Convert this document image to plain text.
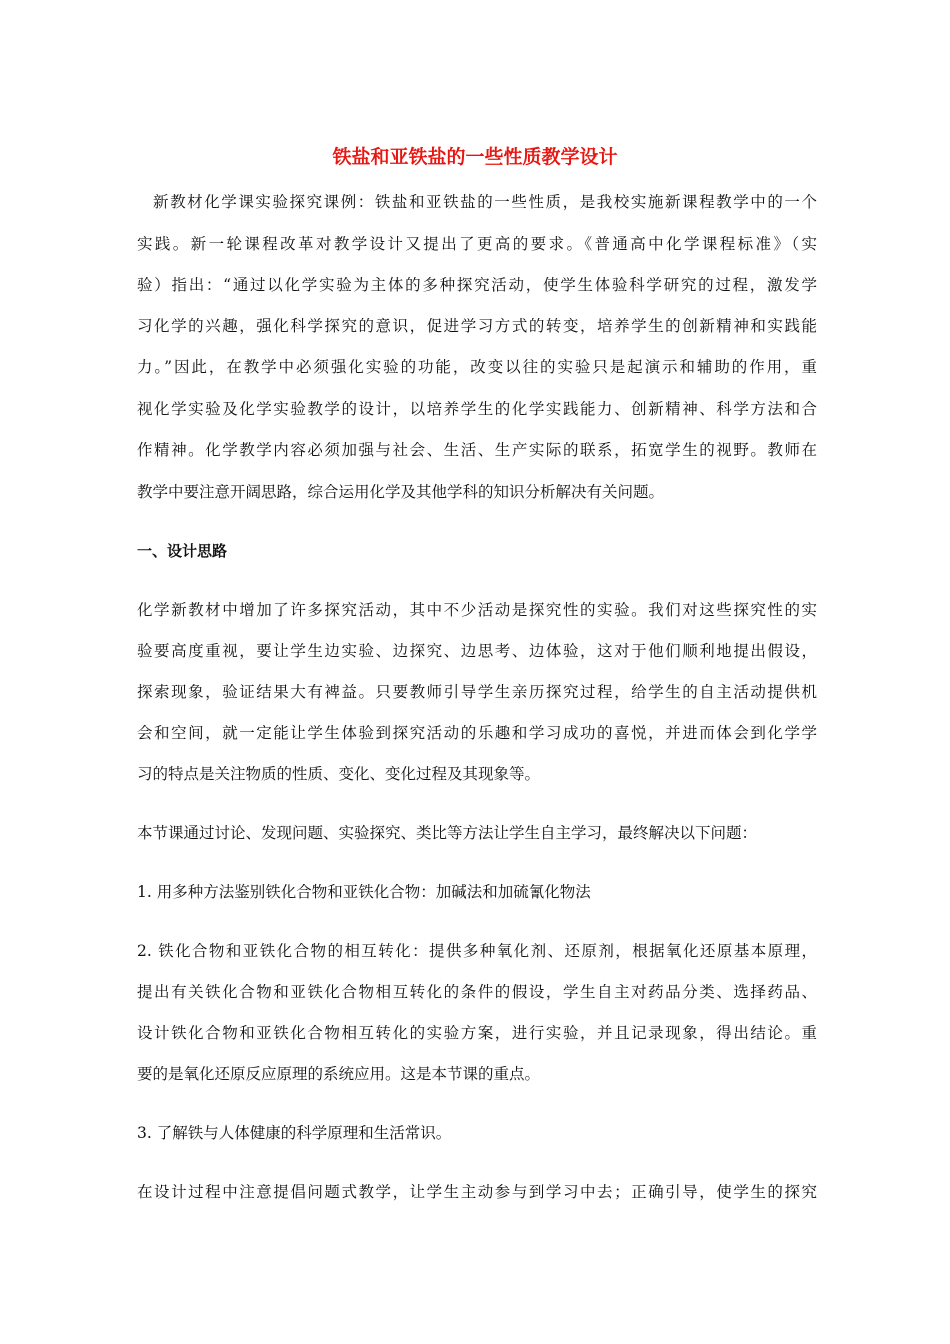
铁盐和亚铁盐的一些性质教学设计
新教材化学课实验探究课例：铁盐和亚铁盐的一些性质，是我校实施新课程教学中的一个
实践。新一轮课程改革对教学设计又提出了更高的要求。《普通高中化学课程标准》（实
验）指出：“通过以化学实验为主体的多种探究活动，使学生体验科学研究的过程，激发学
习化学的兴趣，强化科学探究的意识，促进学习方式的转变，培养学生的创新精神和实践能
力。”因此，在教学中必须强化实验的功能，改变以往的实验只是起演示和辅助的作用，重
视化学实验及化学实验教学的设计，以培养学生的化学实践能力、创新精神、科学方法和合
作精神。化学教学内容必须加强与社会、生活、生产实际的联系，拓宽学生的视野。教师在
教学中要注意开阔思路，综合运用化学及其他学科的知识分析解决有关问题。
一、设计思路
化学新教材中增加了许多探究活动，其中不少活动是探究性的实验。我们对这些探究性的实
验要高度重视，要让学生边实验、边探究、边思考、边体验，这对于他们顺利地提出假设，
探索现象，验证结果大有裨益。只要教师引导学生亲历探究过程，给学生的自主活动提供机
会和空间，就一定能让学生体验到探究活动的乐趣和学习成功的喜悦，并进而体会到化学学
习的特点是关注物质的性质、变化、变化过程及其现象等。
本节课通过讨论、发现问题、实验探究、类比等方法让学生自主学习，最终解决以下问题：
1. 用多种方法鉴别铁化合物和亚铁化合物：加碱法和加硫氰化物法
2. 铁化合物和亚铁化合物的相互转化：提供多种氧化剂、还原剂，根据氧化还原基本原理，
提出有关铁化合物和亚铁化合物相互转化的条件的假设，学生自主对药品分类、选择药品、
设计铁化合物和亚铁化合物相互转化的实验方案，进行实验，并且记录现象，得出结论。重
要的是氧化还原反应原理的系统应用。这是本节课的重点。
3. 了解铁与人体健康的科学原理和生活常识。
在设计过程中注意提倡问题式教学，让学生主动参与到学习中去；正确引导，使学生的探究
